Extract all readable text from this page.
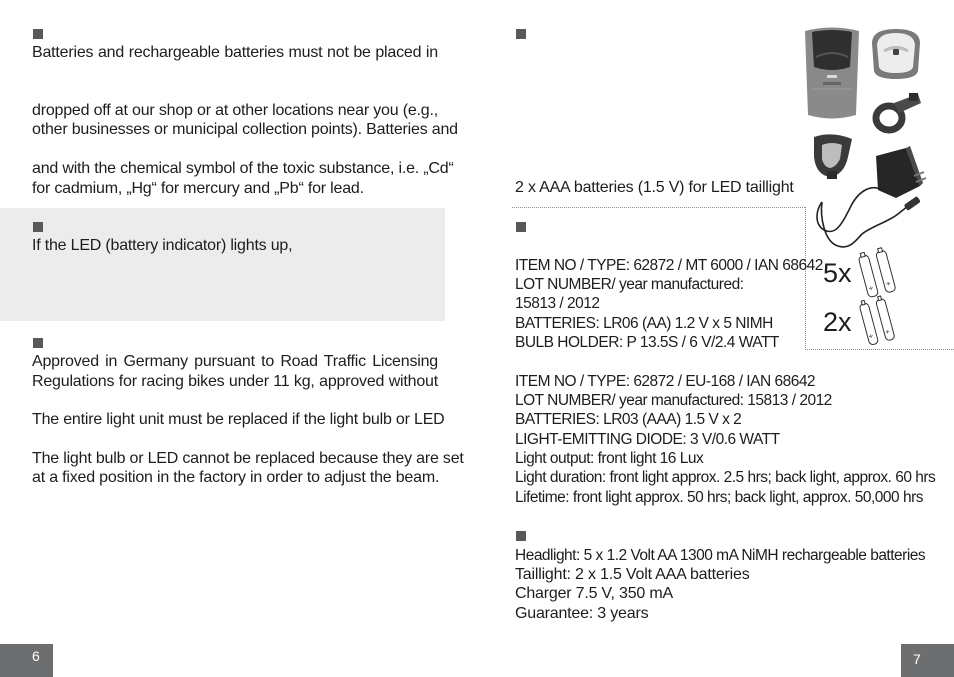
Batteries and rechargeable batteries must not be placed in
dropped off at our shop or at other locations near you (e.g.,
other businesses or municipal collection points). Batteries and
and with the chemical symbol of the toxic substance, i.e. „Cd“
for cadmium, „Hg“ for mercury and „Pb“ for lead.
If the LED (battery indicator) lights up,
Approved in Germany pursuant to Road Traffic Licensing
Regulations for racing bikes under 11 kg, approved without
The entire light unit must be replaced if the light bulb or LED
The light bulb or LED cannot be replaced because they are set
at a fixed position in the factory in order to adjust the beam.
6
2 x AAA batteries (1.5 V) for LED taillight
ITEM NO / TYPE: 62872 / MT 6000 / IAN 68642
LOT NUMBER/ year manufactured:
15813 / 2012
BATTERIES: LR06 (AA) 1.2 V x 5 NIMH
BULB HOLDER: P 13.5S / 6 V/2.4 WATT
ITEM NO / TYPE: 62872 / EU-168 / IAN 68642
LOT NUMBER/ year manufactured: 15813 / 2012
BATTERIES: LR03 (AAA) 1.5 V x 2
LIGHT-EMITTING DIODE: 3 V/0.6 WATT
Light output: front light 16 Lux
Light duration: front light approx. 2.5 hrs; back light, approx. 60 hrs
Lifetime: front light approx. 50 hrs; back light, approx. 50,000 hrs
Headlight: 5 x 1.2 Volt AA 1300 mA NiMH rechargeable batteries
Taillight: 2 x 1.5 Volt AAA batteries
Charger 7.5 V, 350 mA
Guarantee: 3 years
+ +
5x
+ +
2x
7
